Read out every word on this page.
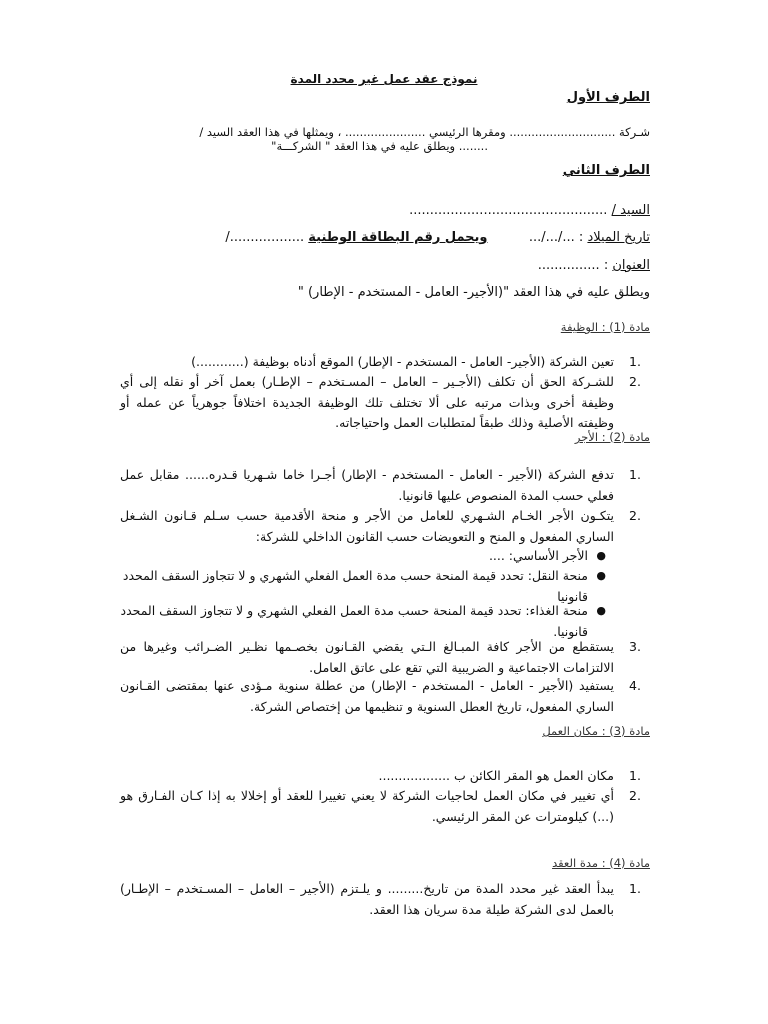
نموذج عقد عمل غير محدد المدة
الطرف الأول
شـركة ............................. ومقرها الرئيسي ...................... ، ويمثلها في هذا العقد السيد /
........ ويطلق عليه في هذا العقد " الشركـــة"
الطرف الثاني
السيد / ................................................
تاريخ الميلاد : .../.../...          ويحمل رقم البطاقة الوطنية ................../
العنوان : ...............
ويطلق عليه في هذا العقد "(الأجير- العامل - المستخدم - الإطار) "
مادة (1) : الوظيفة
1.
تعين الشركة (الأجير- العامل - المستخدم - الإطار) الموقع أدناه بوظيفة (............)
2.
للشـركة الحق أن تكلف (الأجـير – العامل – المسـتخدم – الإطـار) بعمل آخر أو نقله إلى أي وظيفة أخرى وبذات مرتبه على ألا تختلف تلك الوظيفة الجديدة اختلافاً جوهرياً عن عمله أو وظيفته الأصلية وذلك طبقاً لمتطلبات العمل واحتياجاته.
مادة (2) : الأجر
1.
تدفع الشركة (الأجير - العامل - المستخدم - الإطار) أجـرا خاما شـهريا قـدره...... مقابل عمل فعلي حسب المدة المنصوص عليها قانونيا.
2.
يتكـون الأجر الخـام الشـهري للعامل من الأجر و منحة الأقدمية حسب سـلم قـانون الشـغل الساري المفعول و المنح و التعويضات حسب القانون الداخلي للشركة:
●
الأجر الأساسي: ....
●
منحة النقل: تحدد قيمة المنحة حسب مدة العمل الفعلي الشهري و لا تتجاوز السقف المحدد قانونيا
●
منحة الغذاء: تحدد قيمة المنحة حسب مدة العمل الفعلي الشهري و لا تتجاوز السقف المحدد قانونيا.
3.
يستقطع من الأجر كافة المبـالغ الـتي يقضي القـانون بخصـمها نظـير الضـرائب وغيرها من الالتزامات الاجتماعية و الضريبية التي تقع على عاتق العامل.
4.
يستفيد (الأجير - العامل - المستخدم - الإطار) من عطلة سنوية مـؤدى عنها بمقتضى القـانون الساري المفعول، تاريخ العطل السنوية و تنظيمها من إختصاص الشركة.
مادة (3) : مكان العمل
1.
مكان العمل هو المقر الكائن ب ..................
2.
أي تغيير في مكان العمل لحاجيات الشركة لا يعني تغييرا للعقد أو إخلالا به إذا كـان الفـارق هو (...) كيلومترات عن المقر الرئيسي.
مادة (4) : مدة العقد
1.
يبدأ العقد غير محدد المدة من تاريخ......... و يلـتزم (الأجير – العامل – المسـتخدم – الإطـار) بالعمل لدى الشركة طيلة مدة سريان هذا العقد.
